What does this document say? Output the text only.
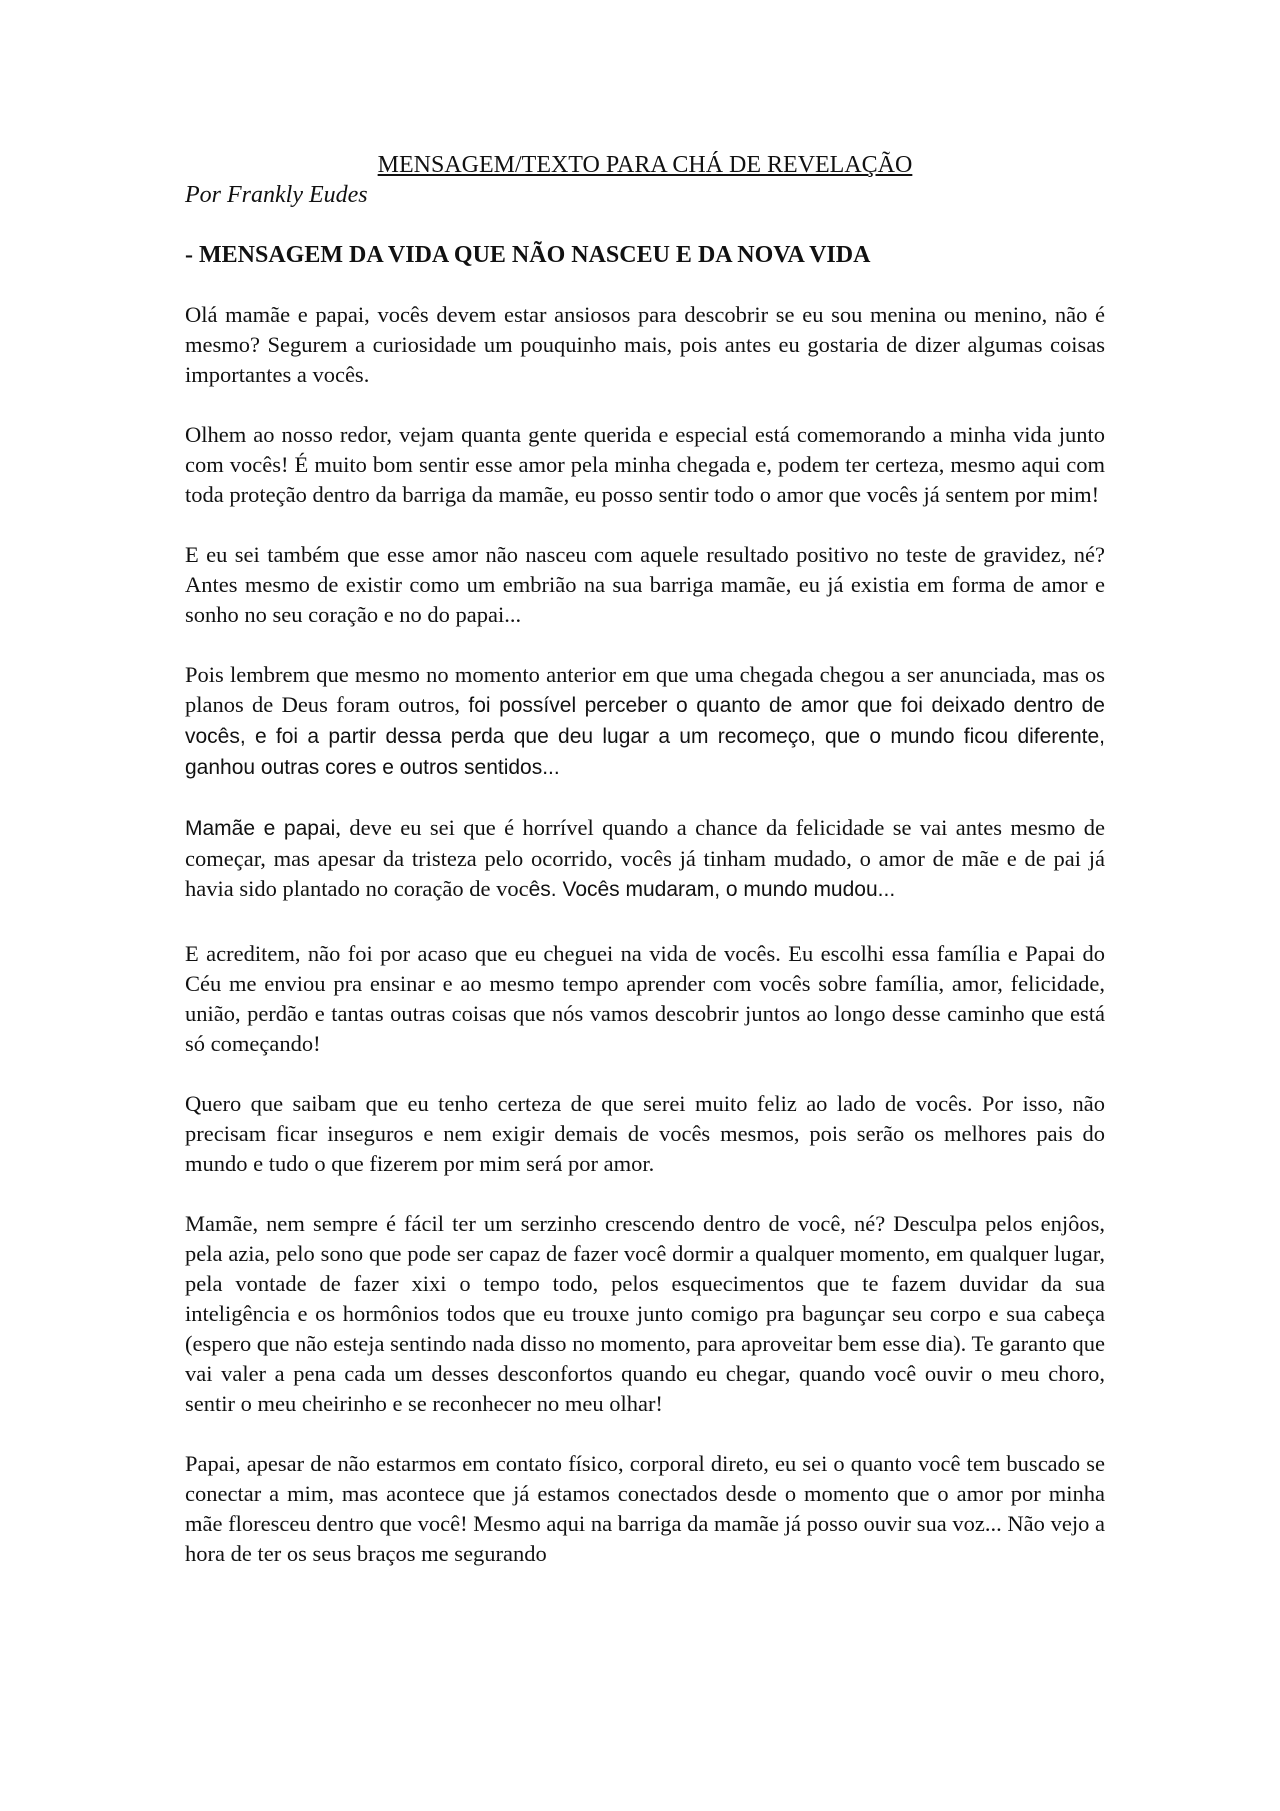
MENSAGEM/TEXTO PARA CHÁ DE REVELAÇÃO

Por Frankly Eudes

- MENSAGEM DA VIDA QUE NÃO NASCEU E DA NOVA VIDA

Olá mamãe e papai, vocês devem estar ansiosos para descobrir se eu sou menina ou menino, não é mesmo? Segurem a curiosidade um pouquinho mais, pois antes eu gostaria de dizer algumas coisas importantes a vocês.

Olhem ao nosso redor, vejam quanta gente querida e especial está comemorando a minha vida junto com vocês! É muito bom sentir esse amor pela minha chegada e, podem ter certeza, mesmo aqui com toda proteção dentro da barriga da mamãe, eu posso sentir todo o amor que vocês já sentem por mim!

E eu sei também que esse amor não nasceu com aquele resultado positivo no teste de gravidez, né? Antes mesmo de existir como um embrião na sua barriga mamãe, eu já existia em forma de amor e sonho no seu coração e no do papai...

Pois lembrem que mesmo no momento anterior em que uma chegada chegou a ser anunciada, mas os planos de Deus foram outros, foi possível perceber o quanto de amor que foi deixado dentro de vocês, e foi a partir dessa perda que deu lugar a um recomeço, que o mundo ficou diferente, ganhou outras cores e outros sentidos...

Mamãe e papai, deve eu sei que é horrível quando a chance da felicidade se vai antes mesmo de começar, mas apesar da tristeza pelo ocorrido, vocês já tinham mudado, o amor de mãe e de pai já havia sido plantado no coração de vocês. Vocês mudaram, o mundo mudou...

E acreditem, não foi por acaso que eu cheguei na vida de vocês. Eu escolhi essa família e Papai do Céu me enviou pra ensinar e ao mesmo tempo aprender com vocês sobre família, amor, felicidade, união, perdão e tantas outras coisas que nós vamos descobrir juntos ao longo desse caminho que está só começando!

Quero que saibam que eu tenho certeza de que serei muito feliz ao lado de vocês. Por isso, não precisam ficar inseguros e nem exigir demais de vocês mesmos, pois serão os melhores pais do mundo e tudo o que fizerem por mim será por amor.

Mamãe, nem sempre é fácil ter um serzinho crescendo dentro de você, né? Desculpa pelos enjôos, pela azia, pelo sono que pode ser capaz de fazer você dormir a qualquer momento, em qualquer lugar, pela vontade de fazer xixi o tempo todo, pelos esquecimentos que te fazem duvidar da sua inteligência e os hormônios todos que eu trouxe junto comigo pra bagunçar seu corpo e sua cabeça (espero que não esteja sentindo nada disso no momento, para aproveitar bem esse dia). Te garanto que vai valer a pena cada um desses desconfortos quando eu chegar, quando você ouvir o meu choro, sentir o meu cheirinho e se reconhecer no meu olhar!

Papai, apesar de não estarmos em contato físico, corporal direto, eu sei o quanto você tem buscado se conectar a mim, mas acontece que já estamos conectados desde o momento que o amor por minha mãe floresceu dentro que você! Mesmo aqui na barriga da mamãe já posso ouvir sua voz... Não vejo a hora de ter os seus braços me segurando
